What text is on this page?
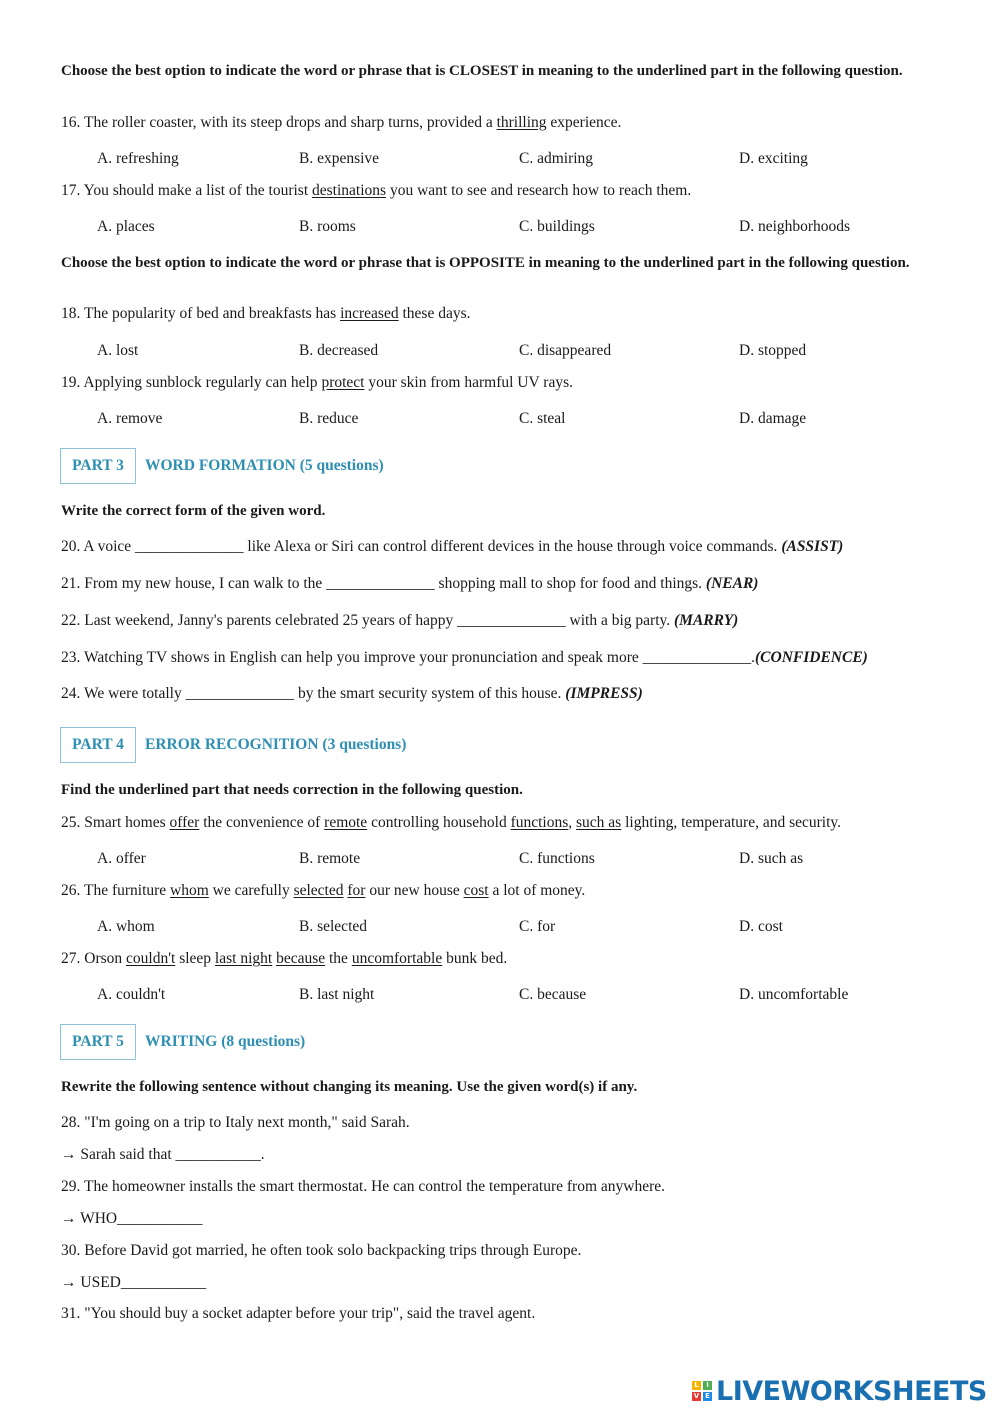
Choose the best option to indicate the word or phrase that is CLOSEST in meaning to the underlined part in the following question.
16. The roller coaster, with its steep drops and sharp turns, provided a thrilling experience.
A. refreshing	B. expensive	C. admiring	D. exciting
17. You should make a list of the tourist destinations you want to see and research how to reach them.
A. places	B. rooms	C. buildings	D. neighborhoods
Choose the best option to indicate the word or phrase that is OPPOSITE in meaning to the underlined part in the following question.
18. The popularity of bed and breakfasts has increased these days.
A. lost	B. decreased	C. disappeared	D. stopped
19. Applying sunblock regularly can help protect your skin from harmful UV rays.
A. remove	B. reduce	C. steal	D. damage
PART 3	WORD FORMATION (5 questions)
Write the correct form of the given word.
20. A voice ______________ like Alexa or Siri can control different devices in the house through voice commands. (ASSIST)
21. From my new house, I can walk to the ______________ shopping mall to shop for food and things. (NEAR)
22. Last weekend, Janny's parents celebrated 25 years of happy ______________ with a big party. (MARRY)
23. Watching TV shows in English can help you improve your pronunciation and speak more ______________.(CONFIDENCE)
24. We were totally ______________ by the smart security system of this house. (IMPRESS)
PART 4	ERROR RECOGNITION (3 questions)
Find the underlined part that needs correction in the following question.
25. Smart homes offer the convenience of remote controlling household functions, such as lighting, temperature, and security.
A. offer	B. remote	C. functions	D. such as
26. The furniture whom we carefully selected for our new house cost a lot of money.
A. whom	B. selected	C. for	D. cost
27. Orson couldn't sleep last night because the uncomfortable bunk bed.
A. couldn't	B. last night	C. because	D. uncomfortable
PART 5	WRITING (8 questions)
Rewrite the following sentence without changing its meaning. Use the given word(s) if any.
28. "I'm going on a trip to Italy next month," said Sarah.
→ Sarah said that ___________.
29. The homeowner installs the smart thermostat. He can control the temperature from anywhere.
→ WHO___________
30. Before David got married, he often took solo backpacking trips through Europe.
→ USED___________
31. "You should buy a socket adapter before your trip", said the travel agent.
L	I
V E LIVEWORKSHEETS
